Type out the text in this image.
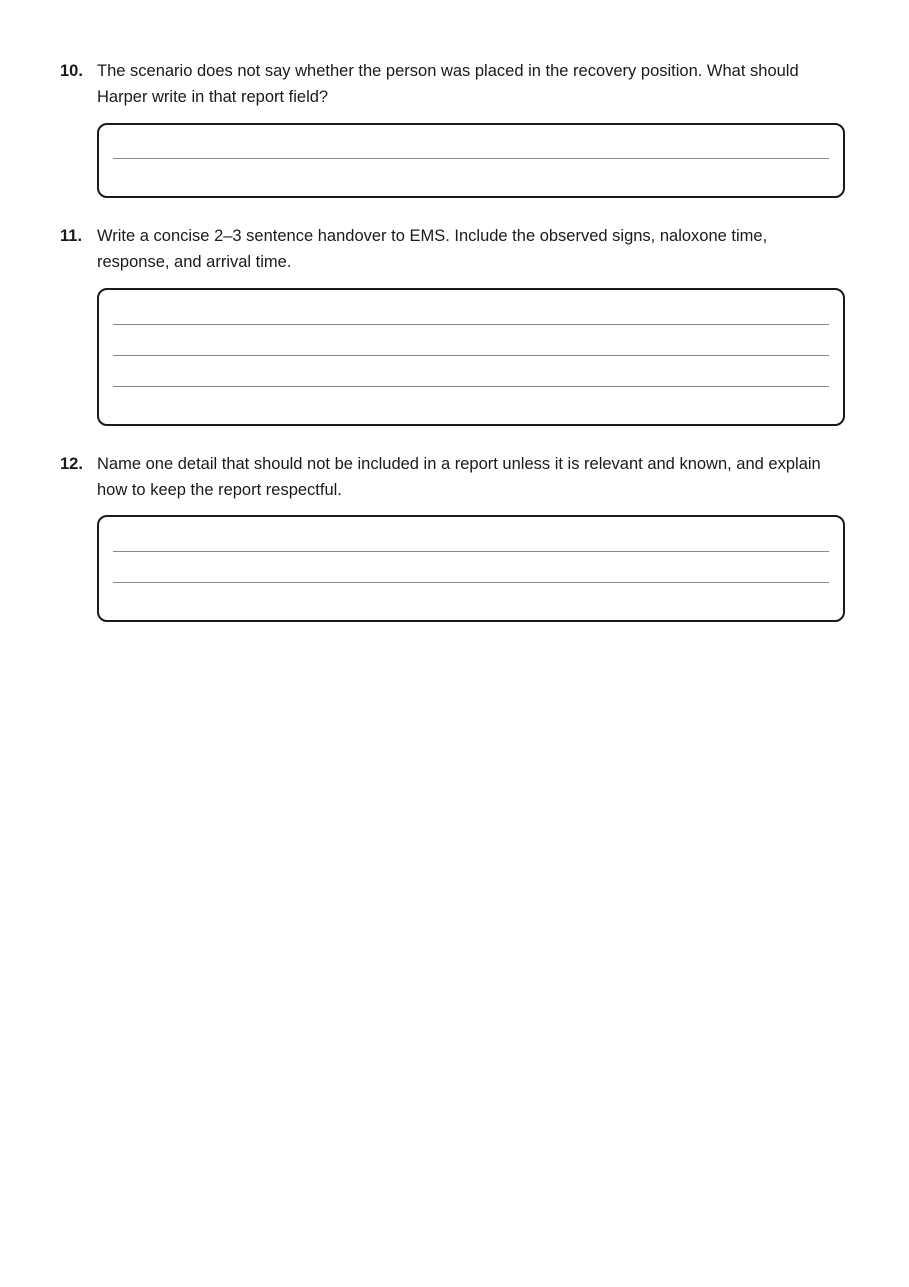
10. The scenario does not say whether the person was placed in the recovery position. What should Harper write in that report field?
11. Write a concise 2–3 sentence handover to EMS. Include the observed signs, naloxone time, response, and arrival time.
12. Name one detail that should not be included in a report unless it is relevant and known, and explain how to keep the report respectful.
